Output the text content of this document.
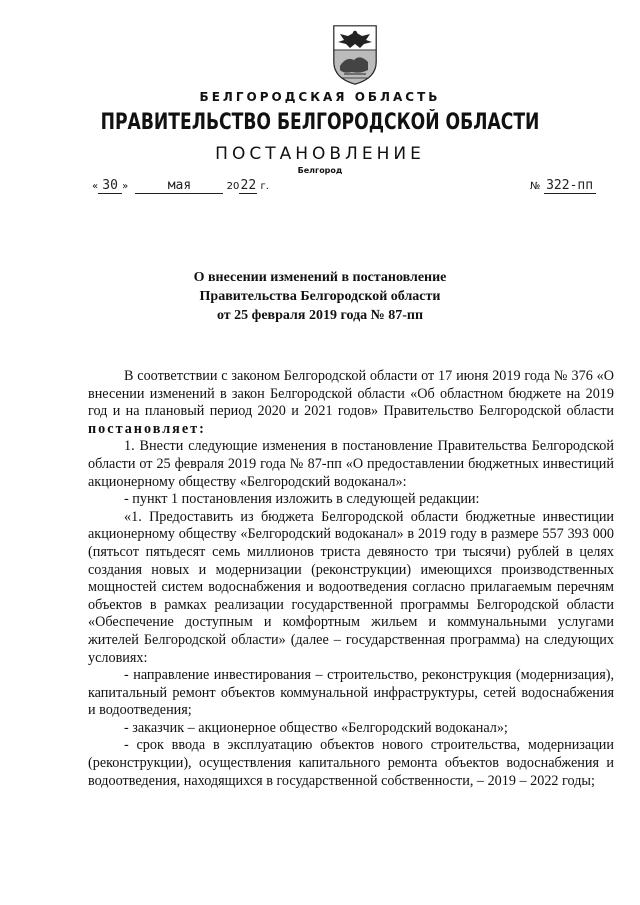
БЕЛГОРОДСКАЯ ОБЛАСТЬ
ПРАВИТЕЛЬСТВО БЕЛГОРОДСКОЙ ОБЛАСТИ
ПОСТАНОВЛЕНИЕ
Белгород
« 30 »	мая	2022 г.	№ 322-пп
О внесении изменений в постановление
Правительства Белгородской области
от 25 февраля 2019 года № 87-пп

В соответствии с законом Белгородской области от 17 июня 2019 года № 376 «О внесении изменений в закон Белгородской области «Об областном бюджете на 2019 год и на плановый период 2020 и 2021 годов» Правительство Белгородской области постановляет:

1. Внести следующие изменения в постановление Правительства Белгородской области от 25 февраля 2019 года № 87-пп «О предоставлении бюджетных инвестиций акционерному обществу «Белгородский водоканал»:

- пункт 1 постановления изложить в следующей редакции:

«1. Предоставить из бюджета Белгородской области бюджетные инвестиции акционерному обществу «Белгородский водоканал» в 2019 году в размере 557 393 000 (пятьсот пятьдесят семь миллионов триста девяносто три тысячи) рублей в целях создания новых и модернизации (реконструкции) имеющихся производственных мощностей систем водоснабжения и водоотведения согласно прилагаемым перечням объектов в рамках реализации государственной программы Белгородской области «Обеспечение доступным и комфортным жильем и коммунальными услугами жителей Белгородской области» (далее – государственная программа) на следующих условиях:

- направление инвестирования – строительство, реконструкция (модернизация), капитальный ремонт объектов коммунальной инфраструктуры, сетей водоснабжения и водоотведения;

- заказчик – акционерное общество «Белгородский водоканал»;

- срок ввода в эксплуатацию объектов нового строительства, модернизации (реконструкции), осуществления капитального ремонта объектов водоснабжения и водоотведения, находящихся в государственной собственности, – 2019 – 2022 годы;
